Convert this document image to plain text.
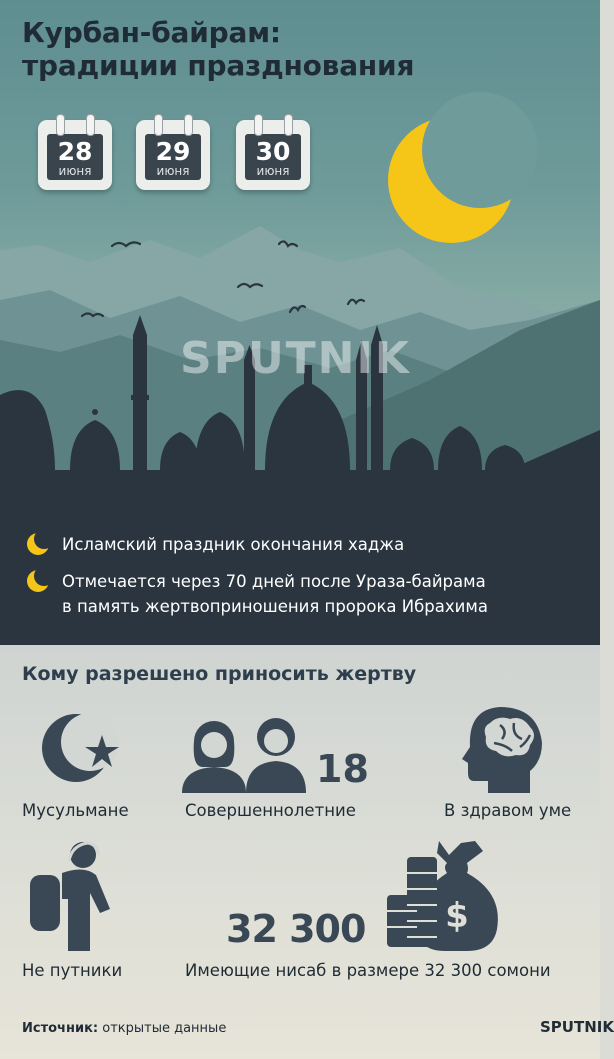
Курбан-байрам:
традиции празднования
28
июня
29
июня
30
июня
SPUTNIK
Исламский праздник окончания хаджа
Отмечается через 70 дней после Ураза-байрама
в память жертвоприношения пророка Ибрахима
Кому разрешено приносить жертву
Мусульмане
18
Совершеннолетние	В здравом уме
Не путники
$
32 300
Имеющие нисаб в размере 32 300 сомони
Источник: открытые данные	SPUTNIK
